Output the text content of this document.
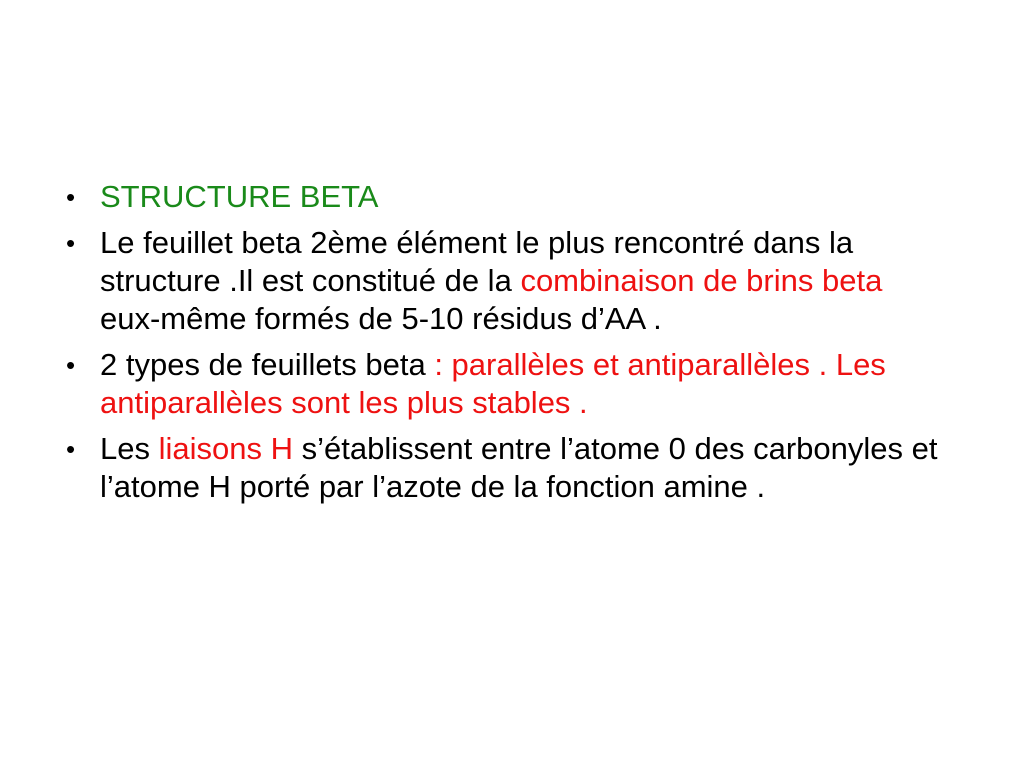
• STRUCTURE BETA
• Le feuillet beta 2ème élément le plus rencontré dans la structure .Il est constitué de la combinaison de brins beta eux-même formés de 5-10 résidus d’AA .
• 2 types de feuillets beta : parallèles et antiparallèles . Les antiparallèles sont les plus stables .
• Les liaisons H s’établissent entre l’atome 0 des carbonyles et l’atome H porté par l’azote de la fonction amine .
